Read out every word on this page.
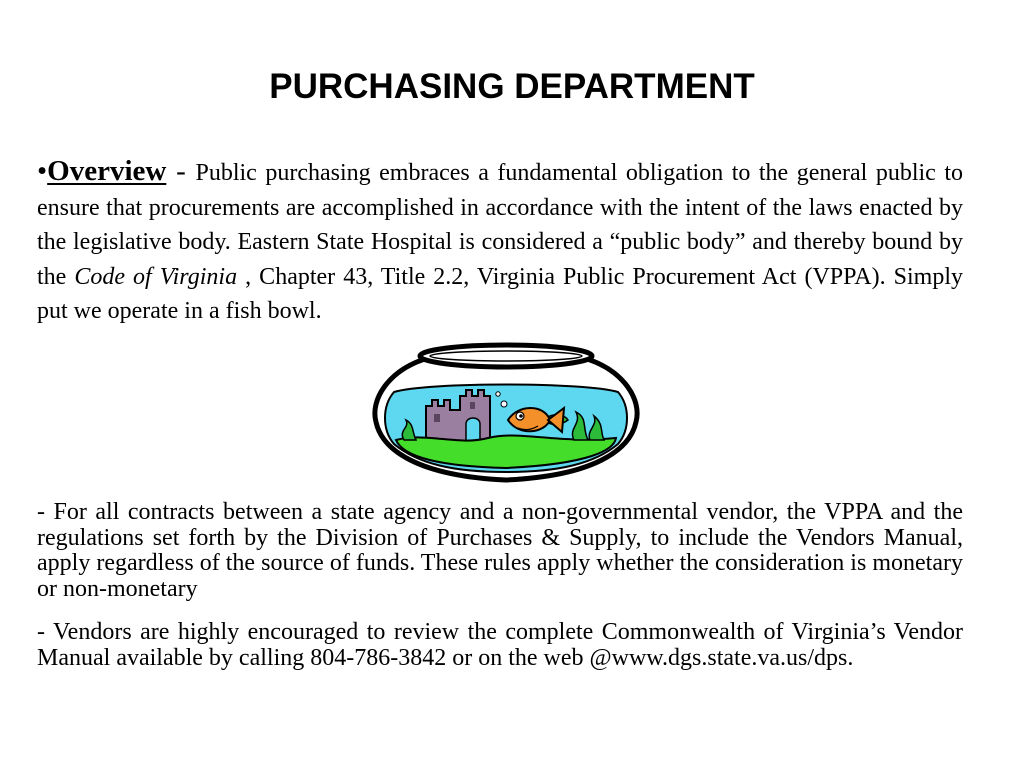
PURCHASING DEPARTMENT

•Overview - Public purchasing embraces a fundamental obligation to the general public to ensure that procurements are accomplished in accordance with the intent of the laws enacted by the legislative body. Eastern State Hospital is considered a “public body” and thereby bound by the Code of Virginia , Chapter 43, Title 2.2, Virginia Public Procurement Act (VPPA). Simply put we operate in a fish bowl.

- For all contracts between a state agency and a non-governmental vendor, the VPPA and the regulations set forth by the Division of Purchases & Supply, to include the Vendors Manual, apply regardless of the source of funds. These rules apply whether the consideration is monetary or non-monetary

- Vendors are highly encouraged to review the complete Commonwealth of Virginia’s Vendor Manual available by calling 804-786-3842 or on the web @www.dgs.state.va.us/dps.
